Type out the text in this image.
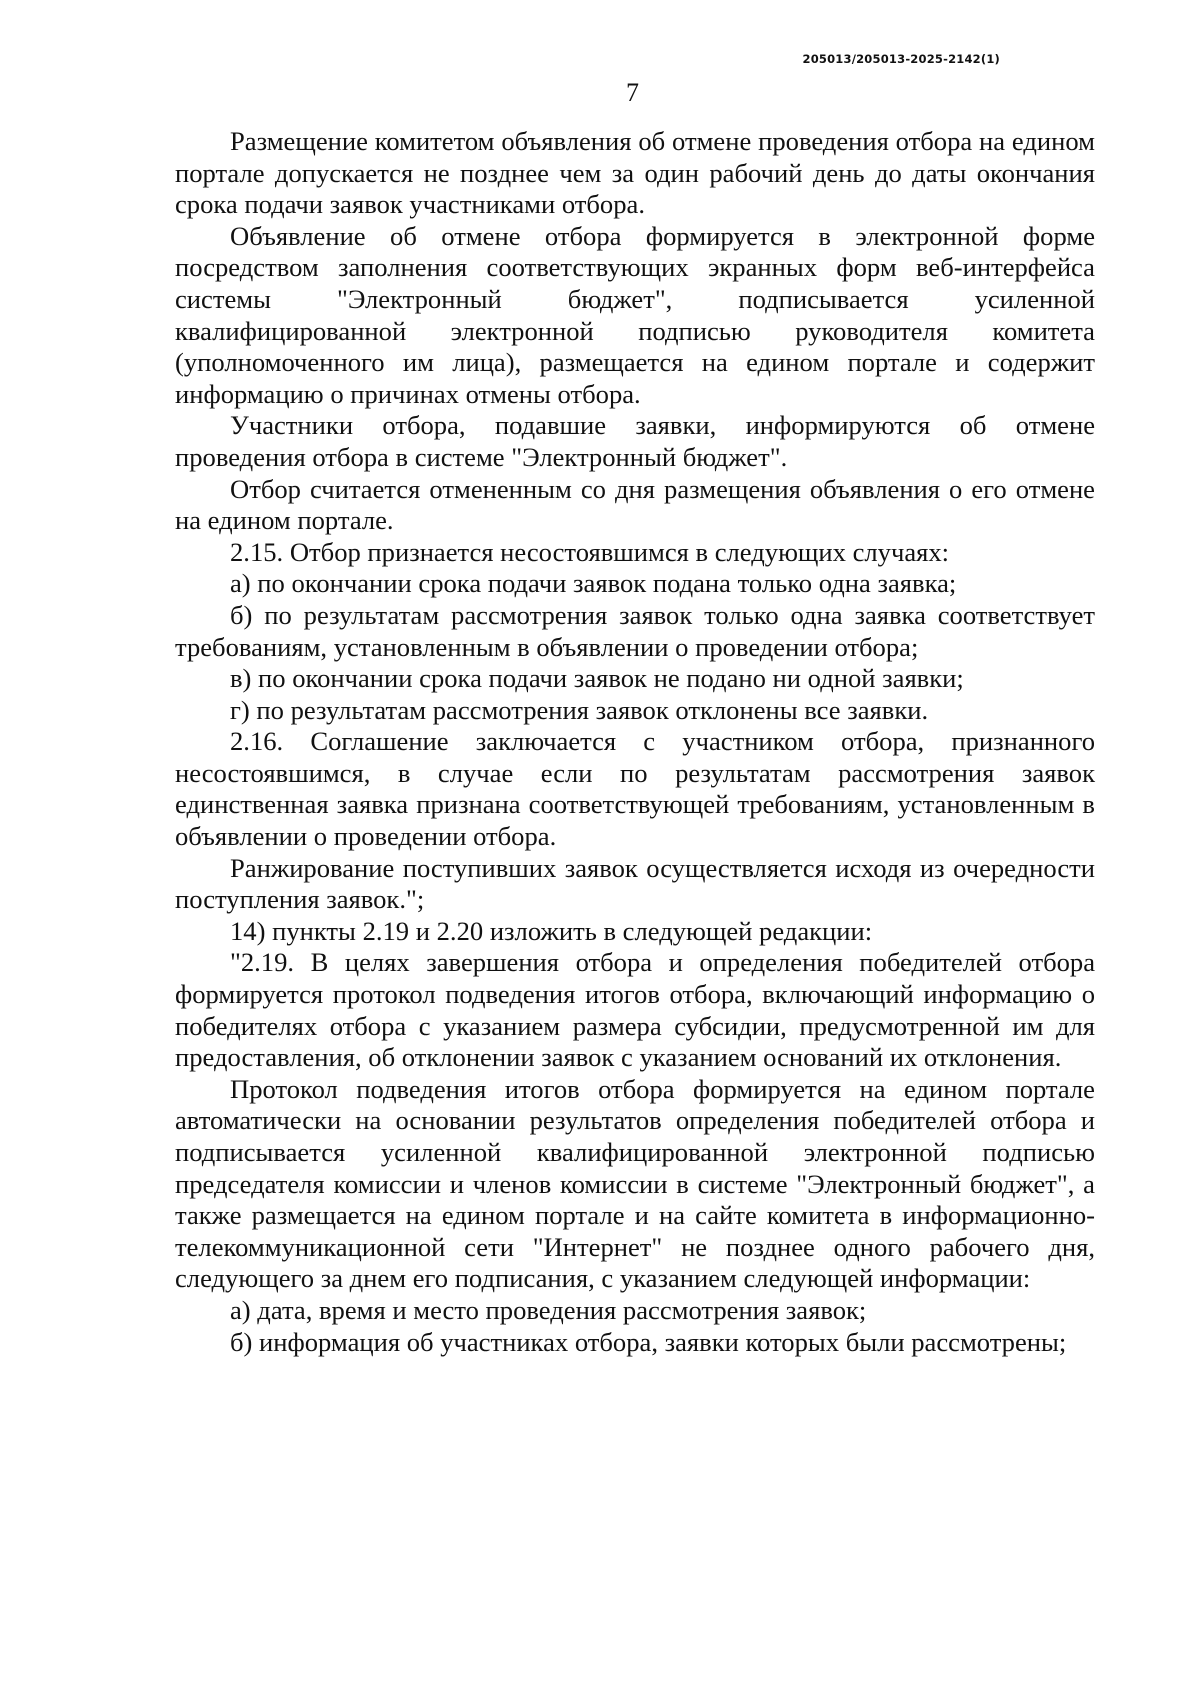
205013/205013-2025-2142(1)
7

Размещение комитетом объявления об отмене проведения отбора на едином портале допускается не позднее чем за один рабочий день до даты окончания срока подачи заявок участниками отбора.

Объявление об отмене отбора формируется в электронной форме посредством заполнения соответствующих экранных форм веб-интерфейса системы "Электронный бюджет", подписывается усиленной квалифицированной электронной подписью руководителя комитета (уполномоченного им лица), размещается на едином портале и содержит информацию о причинах отмены отбора.

Участники отбора, подавшие заявки, информируются об отмене проведения отбора в системе "Электронный бюджет".

Отбор считается отмененным со дня размещения объявления о его отмене на едином портале.

2.15. Отбор признается несостоявшимся в следующих случаях:

а) по окончании срока подачи заявок подана только одна заявка;

б) по результатам рассмотрения заявок только одна заявка соответствует требованиям, установленным в объявлении о проведении отбора;

в) по окончании срока подачи заявок не подано ни одной заявки;

г) по результатам рассмотрения заявок отклонены все заявки.

2.16. Соглашение заключается с участником отбора, признанного несостоявшимся, в случае если по результатам рассмотрения заявок единственная заявка признана соответствующей требованиям, установленным в объявлении о проведении отбора.

Ранжирование поступивших заявок осуществляется исходя из очередности поступления заявок.";

14) пункты 2.19 и 2.20 изложить в следующей редакции:

"2.19. В целях завершения отбора и определения победителей отбора формируется протокол подведения итогов отбора, включающий информацию о победителях отбора с указанием размера субсидии, предусмотренной им для предоставления, об отклонении заявок с указанием оснований их отклонения.

Протокол подведения итогов отбора формируется на едином портале автоматически на основании результатов определения победителей отбора и подписывается усиленной квалифицированной электронной подписью председателя комиссии и членов комиссии в системе "Электронный бюджет", а также размещается на едином портале и на сайте комитета в информационно-телекоммуникационной сети "Интернет" не позднее одного рабочего дня, следующего за днем его подписания, с указанием следующей информации:

а) дата, время и место проведения рассмотрения заявок;

б) информация об участниках отбора, заявки которых были рассмотрены;
